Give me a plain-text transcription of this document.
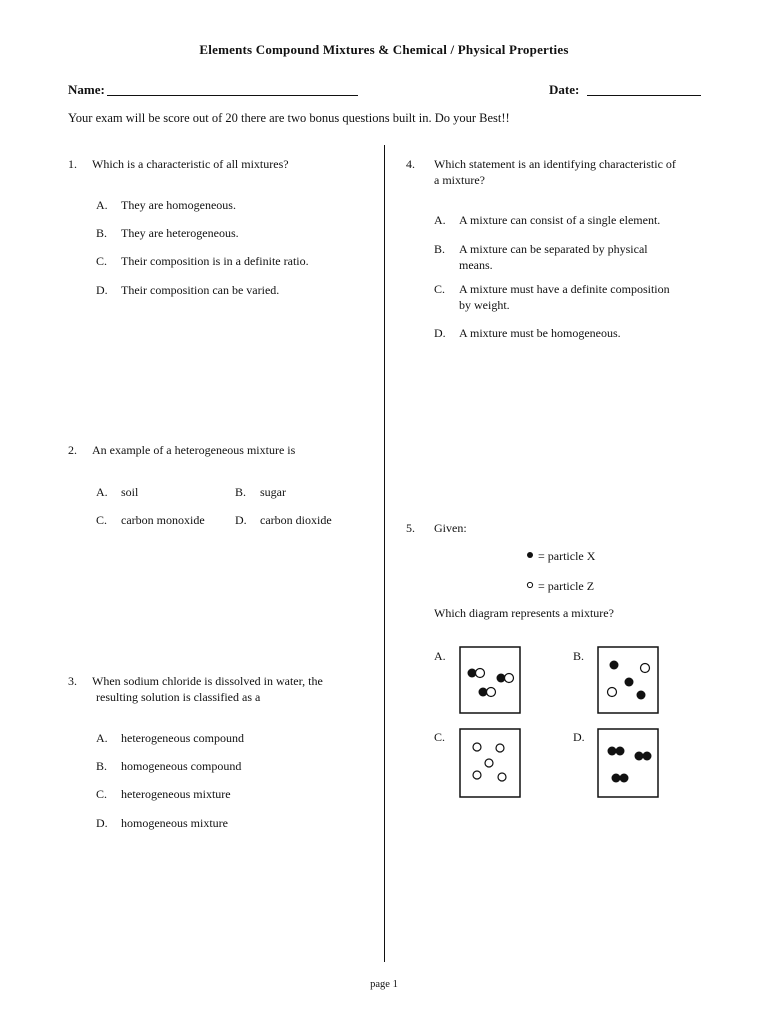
Elements Compound Mixtures & Chemical / Physical Properties
Name:	Date:
Your exam will be score out of 20 there are two bonus questions built in. Do your Best!!
1. Which is a characteristic of all mixtures?
A. They are homogeneous.
B. They are heterogeneous.
C. Their composition is in a definite ratio.
D. Their composition can be varied.
2. An example of a heterogeneous mixture is
A. soil	B. sugar
C. carbon monoxide	D. carbon dioxide
3. When sodium chloride is dissolved in water, the
resulting solution is classified as a
A. heterogeneous compound
B. homogeneous compound
C. heterogeneous mixture
D. homogeneous mixture
4. Which statement is an identifying characteristic of
a mixture?
A. A mixture can consist of a single element.
B. A mixture can be separated by physical
means.
C. A mixture must have a definite composition
by weight.
D. A mixture must be homogeneous.
5. Given:
= particle X
= particle Z
Which diagram represents a mixture?
A.	B.
C.	D.
page 1
